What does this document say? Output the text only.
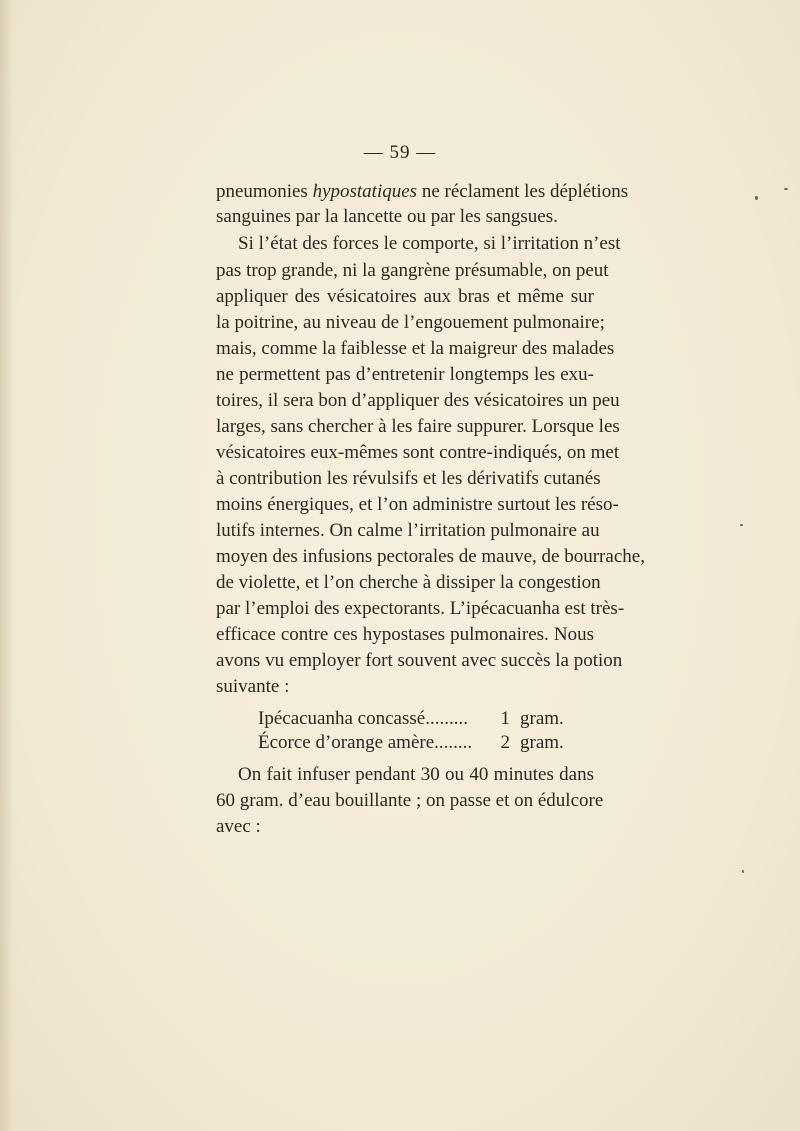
— 59 —
pneumonies hypostatiques ne réclament les déplétions
sanguines par la lancette ou par les sangsues.
Si l’état des forces le comporte, si l’irritation n’est
pas trop grande, ni la gangrène présumable, on peut
appliquer des vésicatoires aux bras et même sur
la poitrine, au niveau de l’engouement pulmonaire;
mais, comme la faiblesse et la maigreur des malades
ne permettent pas d’entretenir longtemps les exu-
toires, il sera bon d’appliquer des vésicatoires un peu
larges, sans chercher à les faire suppurer. Lorsque les
vésicatoires eux-mêmes sont contre-indiqués, on met
à contribution les révulsifs et les dérivatifs cutanés
moins énergiques, et l’on administre surtout les réso-
lutifs internes. On calme l’irritation pulmonaire au
moyen des infusions pectorales de mauve, de bourrache,
de violette, et l’on cherche à dissiper la congestion
par l’emploi des expectorants. L’ipécacuanha est très-
efficace contre ces hypostases pulmonaires. Nous
avons vu employer fort souvent avec succès la potion
suivante :
Ipécacuanha concassé......... 1 gram.
Écorce d’orange amère........ 2 gram.
On fait infuser pendant 30 ou 40 minutes dans
60 gram. d’eau bouillante ; on passe et on édulcore
avec :
